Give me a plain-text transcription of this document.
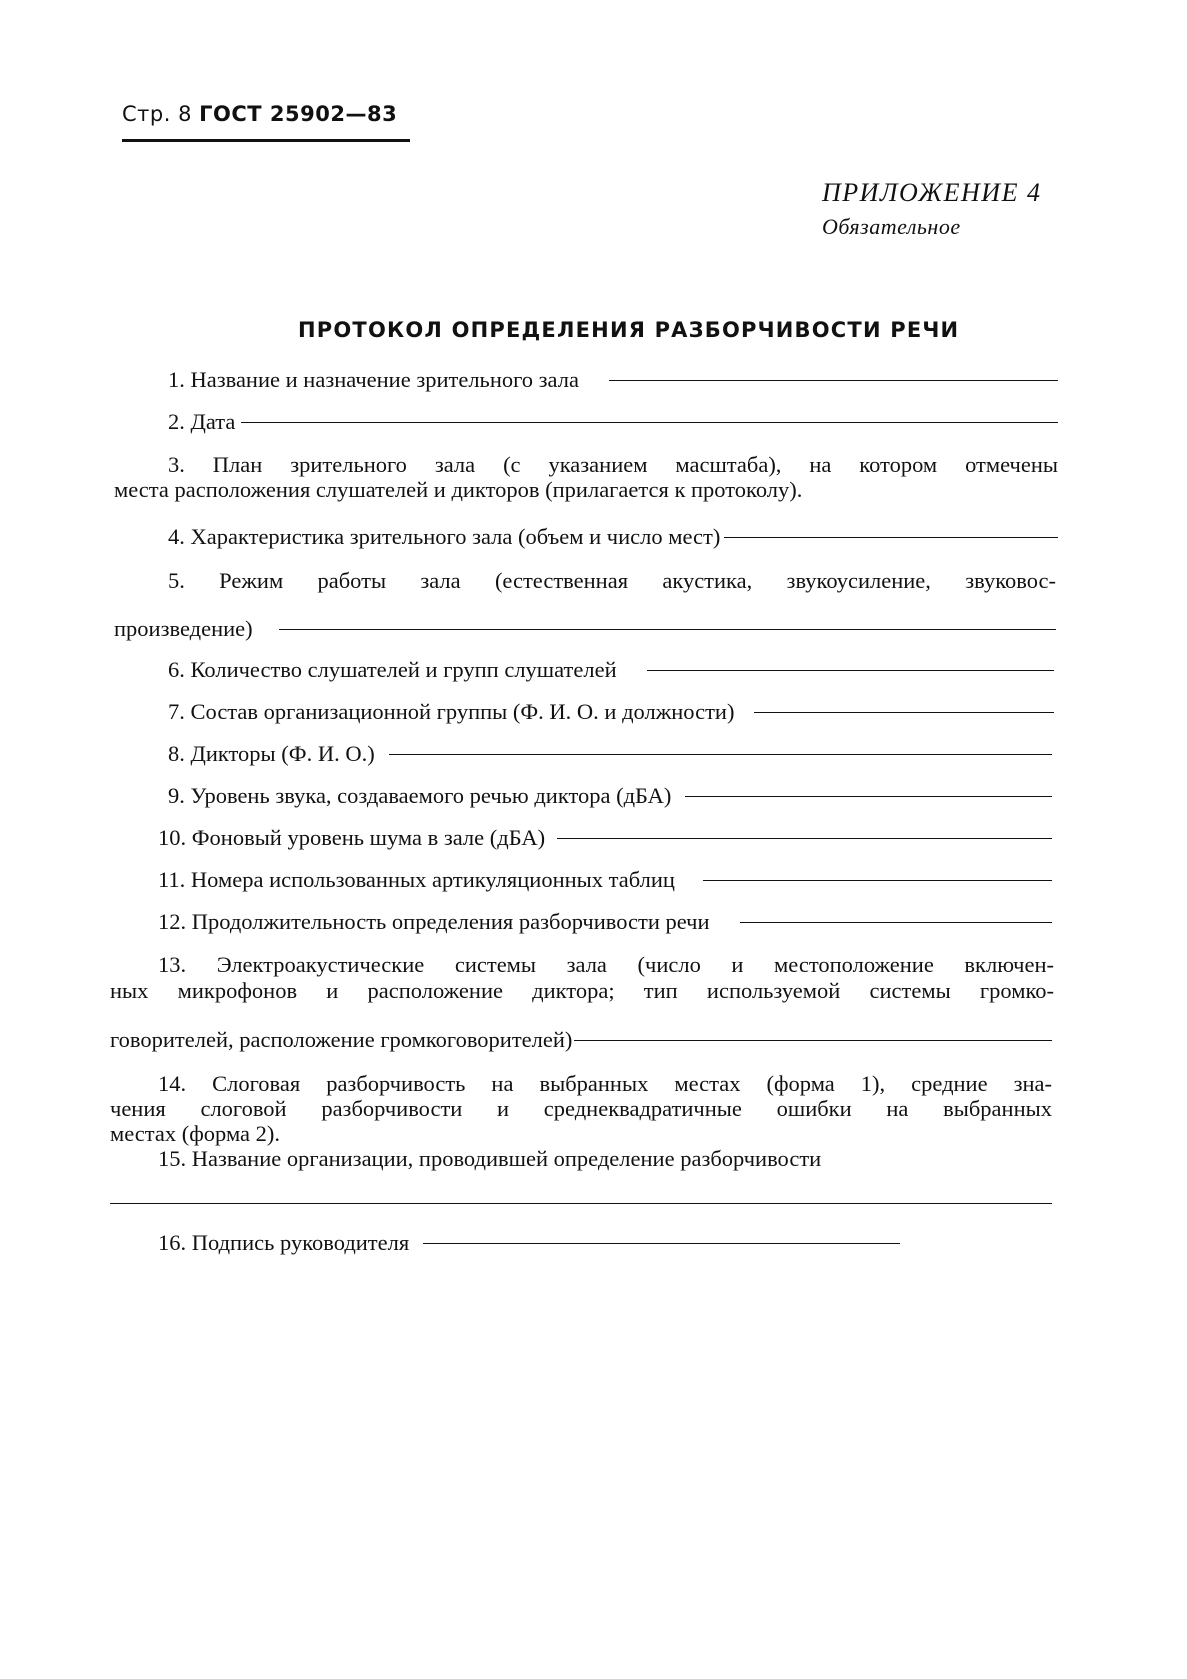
Стр. 8 ГОСТ 25902—83
ПРИЛОЖЕНИЕ 4
Обязательное
ПРОТОКОЛ ОПРЕДЕЛЕНИЯ РАЗБОРЧИВОСТИ РЕЧИ
1. Название и назначение зрительного зала
2. Дата
3. План зрительного зала (с указанием масштаба), на котором отмечены
места расположения слушателей и дикторов (прилагается к протоколу).
4. Характеристика зрительного зала (объем и число мест)
5. Режим работы зала (естественная акустика, звукоусиление, звуковос-
произведение)
6. Количество слушателей и групп слушателей
7. Состав организационной группы (Ф. И. О. и должности)
8. Дикторы (Ф. И. О.)
9. Уровень звука, создаваемого речью диктора (дБА)
10. Фоновый уровень шума в зале (дБА)
11. Номера использованных артикуляционных таблиц
12. Продолжительность определения разборчивости речи
13. Электроакустические системы зала (число и местоположение включен-
ных микрофонов и расположение диктора; тип используемой системы громко-
говорителей, расположение громкоговорителей)
14. Слоговая разборчивость на выбранных местах (форма 1), средние зна-
чения слоговой разборчивости и среднеквадратичные ошибки на выбранных
местах (форма 2).
15. Название организации, проводившей определение разборчивости
16. Подпись руководителя
